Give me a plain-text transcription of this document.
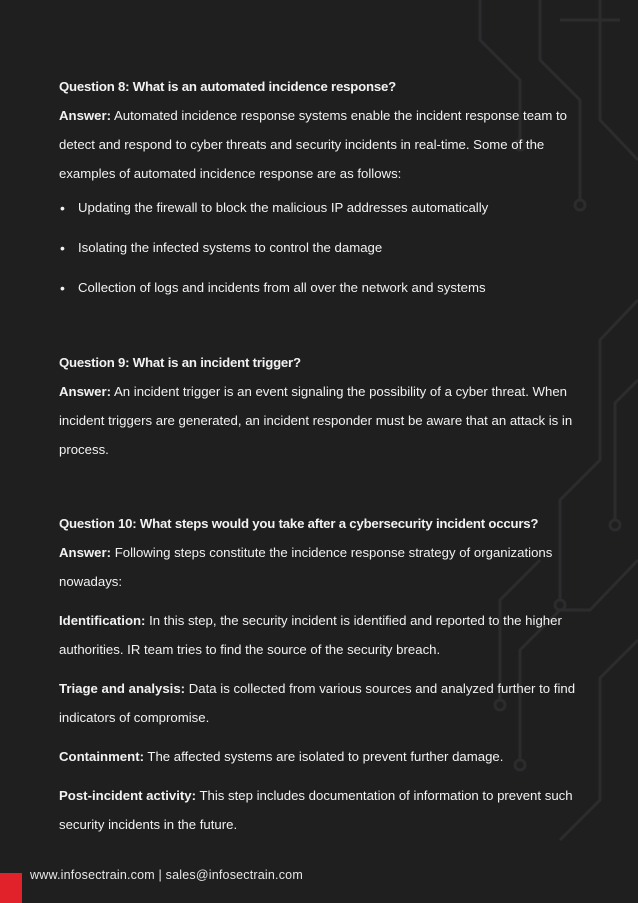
Question 8: What is an automated incidence response?
Answer: Automated incidence response systems enable the incident response team to detect and respond to cyber threats and security incidents in real-time. Some of the examples of automated incidence response are as follows:
• Updating the firewall to block the malicious IP addresses automatically
• Isolating the infected systems to control the damage
• Collection of logs and incidents from all over the network and systems
Question 9: What is an incident trigger?
Answer: An incident trigger is an event signaling the possibility of a cyber threat. When incident triggers are generated, an incident responder must be aware that an attack is in process.
Question 10: What steps would you take after a cybersecurity incident occurs?
Answer: Following steps constitute the incidence response strategy of organizations nowadays:
Identification: In this step, the security incident is identified and reported to the higher authorities. IR team tries to find the source of the security breach.
Triage and analysis: Data is collected from various sources and analyzed further to find indicators of compromise.
Containment: The affected systems are isolated to prevent further damage.
Post-incident activity: This step includes documentation of information to prevent such security incidents in the future.
www.infosectrain.com | sales@infosectrain.com
